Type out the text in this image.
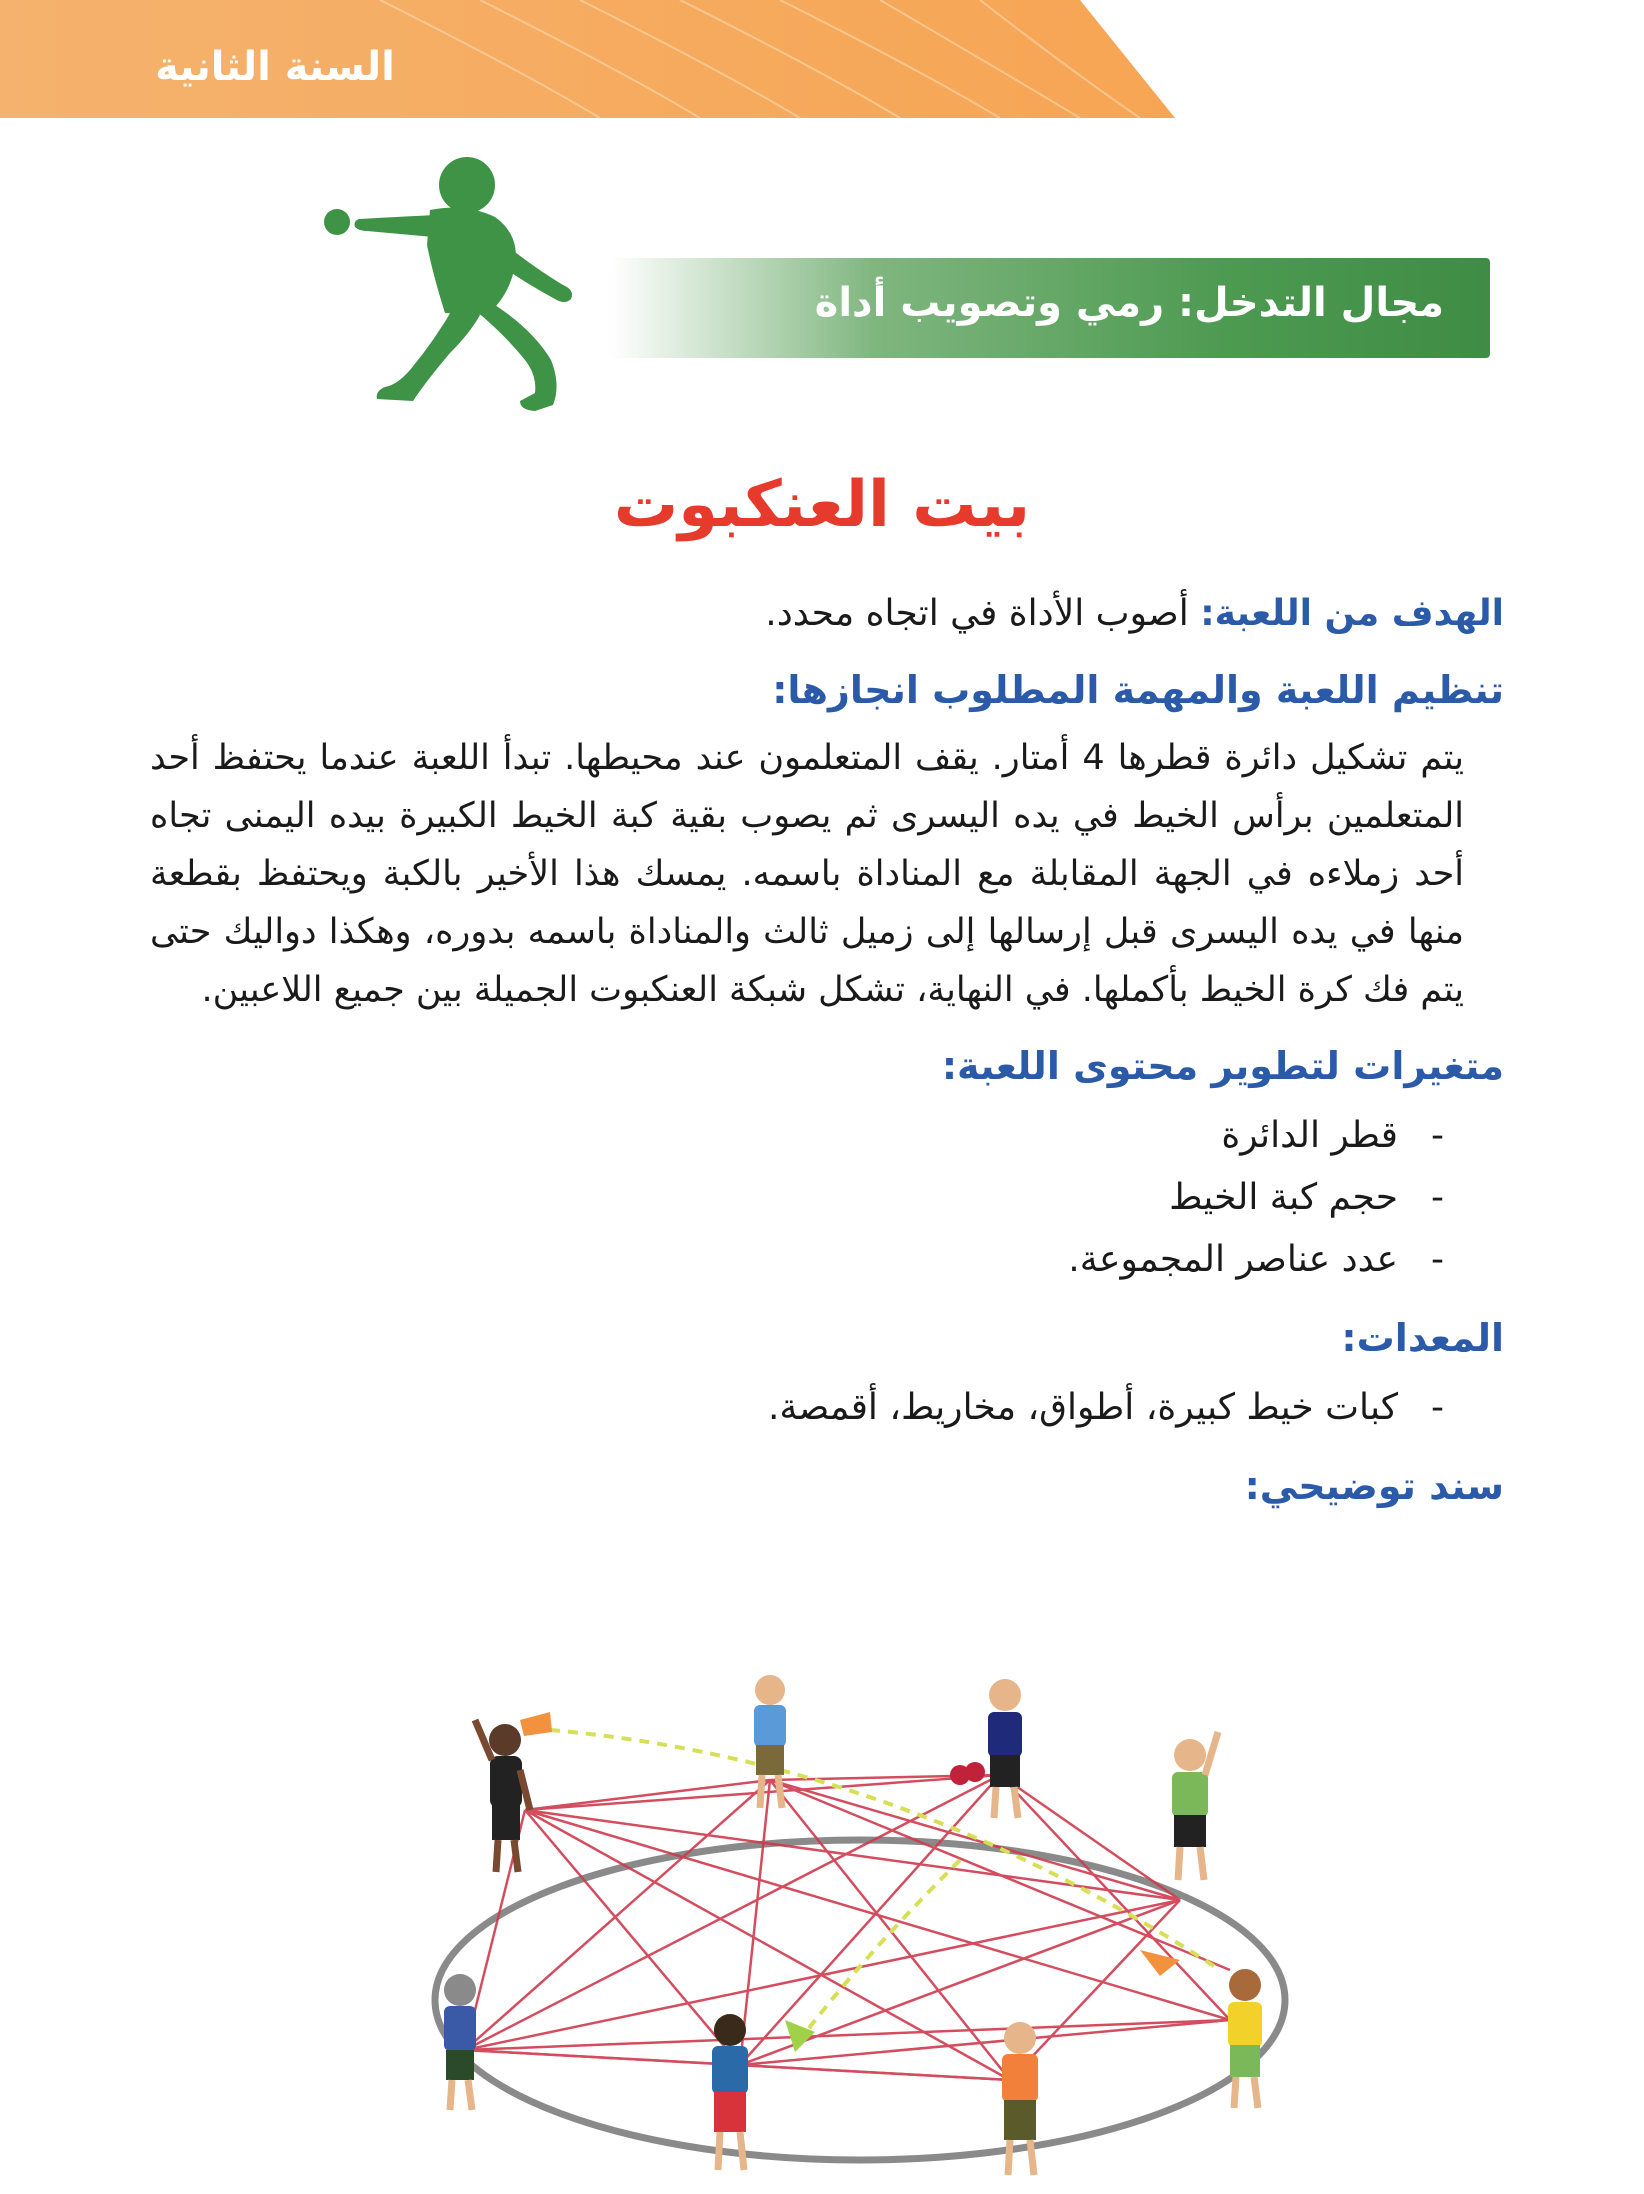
السنة الثانية
مجال التدخل: رمي وتصويب أداة
بيت العنكبوت
الهدف من اللعبة: أصوب الأداة في اتجاه محدد.
تنظيم اللعبة والمهمة المطلوب انجازها:
يتم تشكيل دائرة قطرها 4 أمتار. يقف المتعلمون عند محيطها. تبدأ اللعبة عندما يحتفظ أحد المتعلمين برأس الخيط في يده اليسرى ثم يصوب بقية كبة الخيط الكبيرة بيده اليمنى تجاه أحد زملاءه في الجهة المقابلة مع المناداة باسمه. يمسك هذا الأخير بالكبة ويحتفظ بقطعة منها في يده اليسرى قبل إرسالها إلى زميل ثالث والمناداة باسمه بدوره، وهكذا دواليك حتى يتم فك كرة الخيط بأكملها. في النهاية، تشكل شبكة العنكبوت الجميلة بين جميع اللاعبين.
متغيرات لتطوير محتوى اللعبة:
-قطر الدائرة
-حجم كبة الخيط
-عدد عناصر المجموعة.
المعدات:
-كبات خيط كبيرة، أطواق، مخاريط، أقمصة.
سند توضيحي:
